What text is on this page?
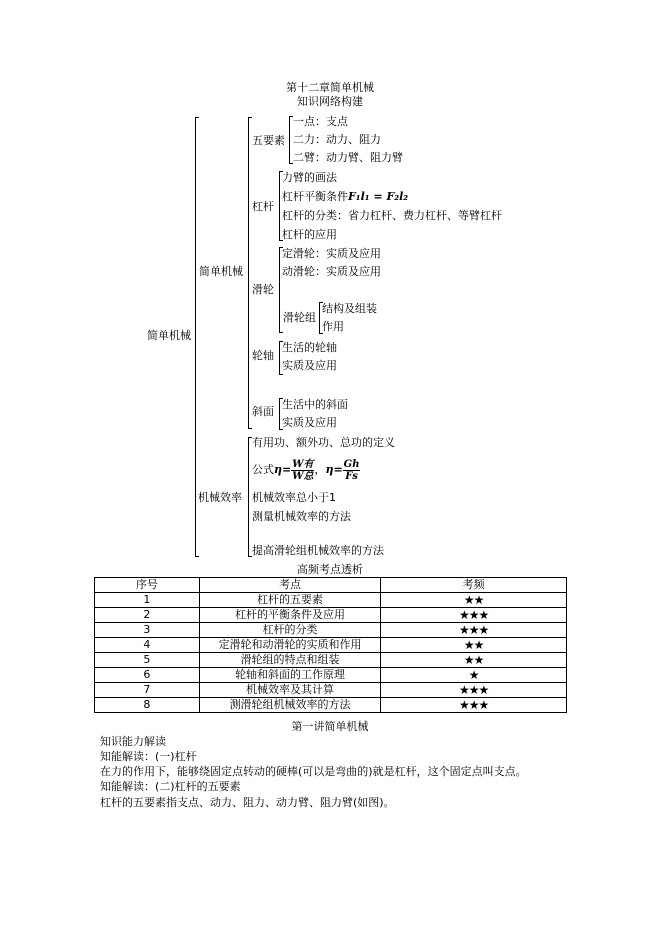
第十二章简单机械
知识网络构建
简单机械
简单机械
五要素
一点：支点
二力：动力、阻力
二臂：动力臂、阻力臂
杠杆
力臂的画法
杠杆平衡条件F₁l₁ = F₂l₂
杠杆的分类：省力杠杆、费力杠杆、等臂杠杆
杠杆的应用
滑轮
定滑轮：实质及应用
动滑轮：实质及应用
滑轮组
结构及组装
作用
轮轴
生活的轮轴
实质及应用
斜面
生活中的斜面
实质及应用
机械效率
有用功、额外功、总功的定义
公式$\eta= \frac{\text{W有}}{\text{W总}}$ ，$\eta= \frac{Gh}{Fs}$
机械效率总小于1
测量机械效率的方法
提高滑轮组机械效率的方法
高频考点透析
序号	考点	考频
1	杠杆的五要素	★★
2	杠杆的平衡条件及应用	★★★
3	杠杆的分类	★★★
4	定滑轮和动滑轮的实质和作用	★★
5	滑轮组的特点和组装	★★
6	轮轴和斜面的工作原理	★
7	机械效率及其计算	★★★
8	测滑轮组机械效率的方法	★★★
第一讲简单机械
知识能力解读
知能解读：(一)杠杆
在力的作用下，能够绕固定点转动的硬棒(可以是弯曲的)就是杠杆，这个固定点叫支点。
知能解读：(二)杠杆的五要素
杠杆的五要素指支点、动力、阻力、动力臂、阻力臂(如图)。
